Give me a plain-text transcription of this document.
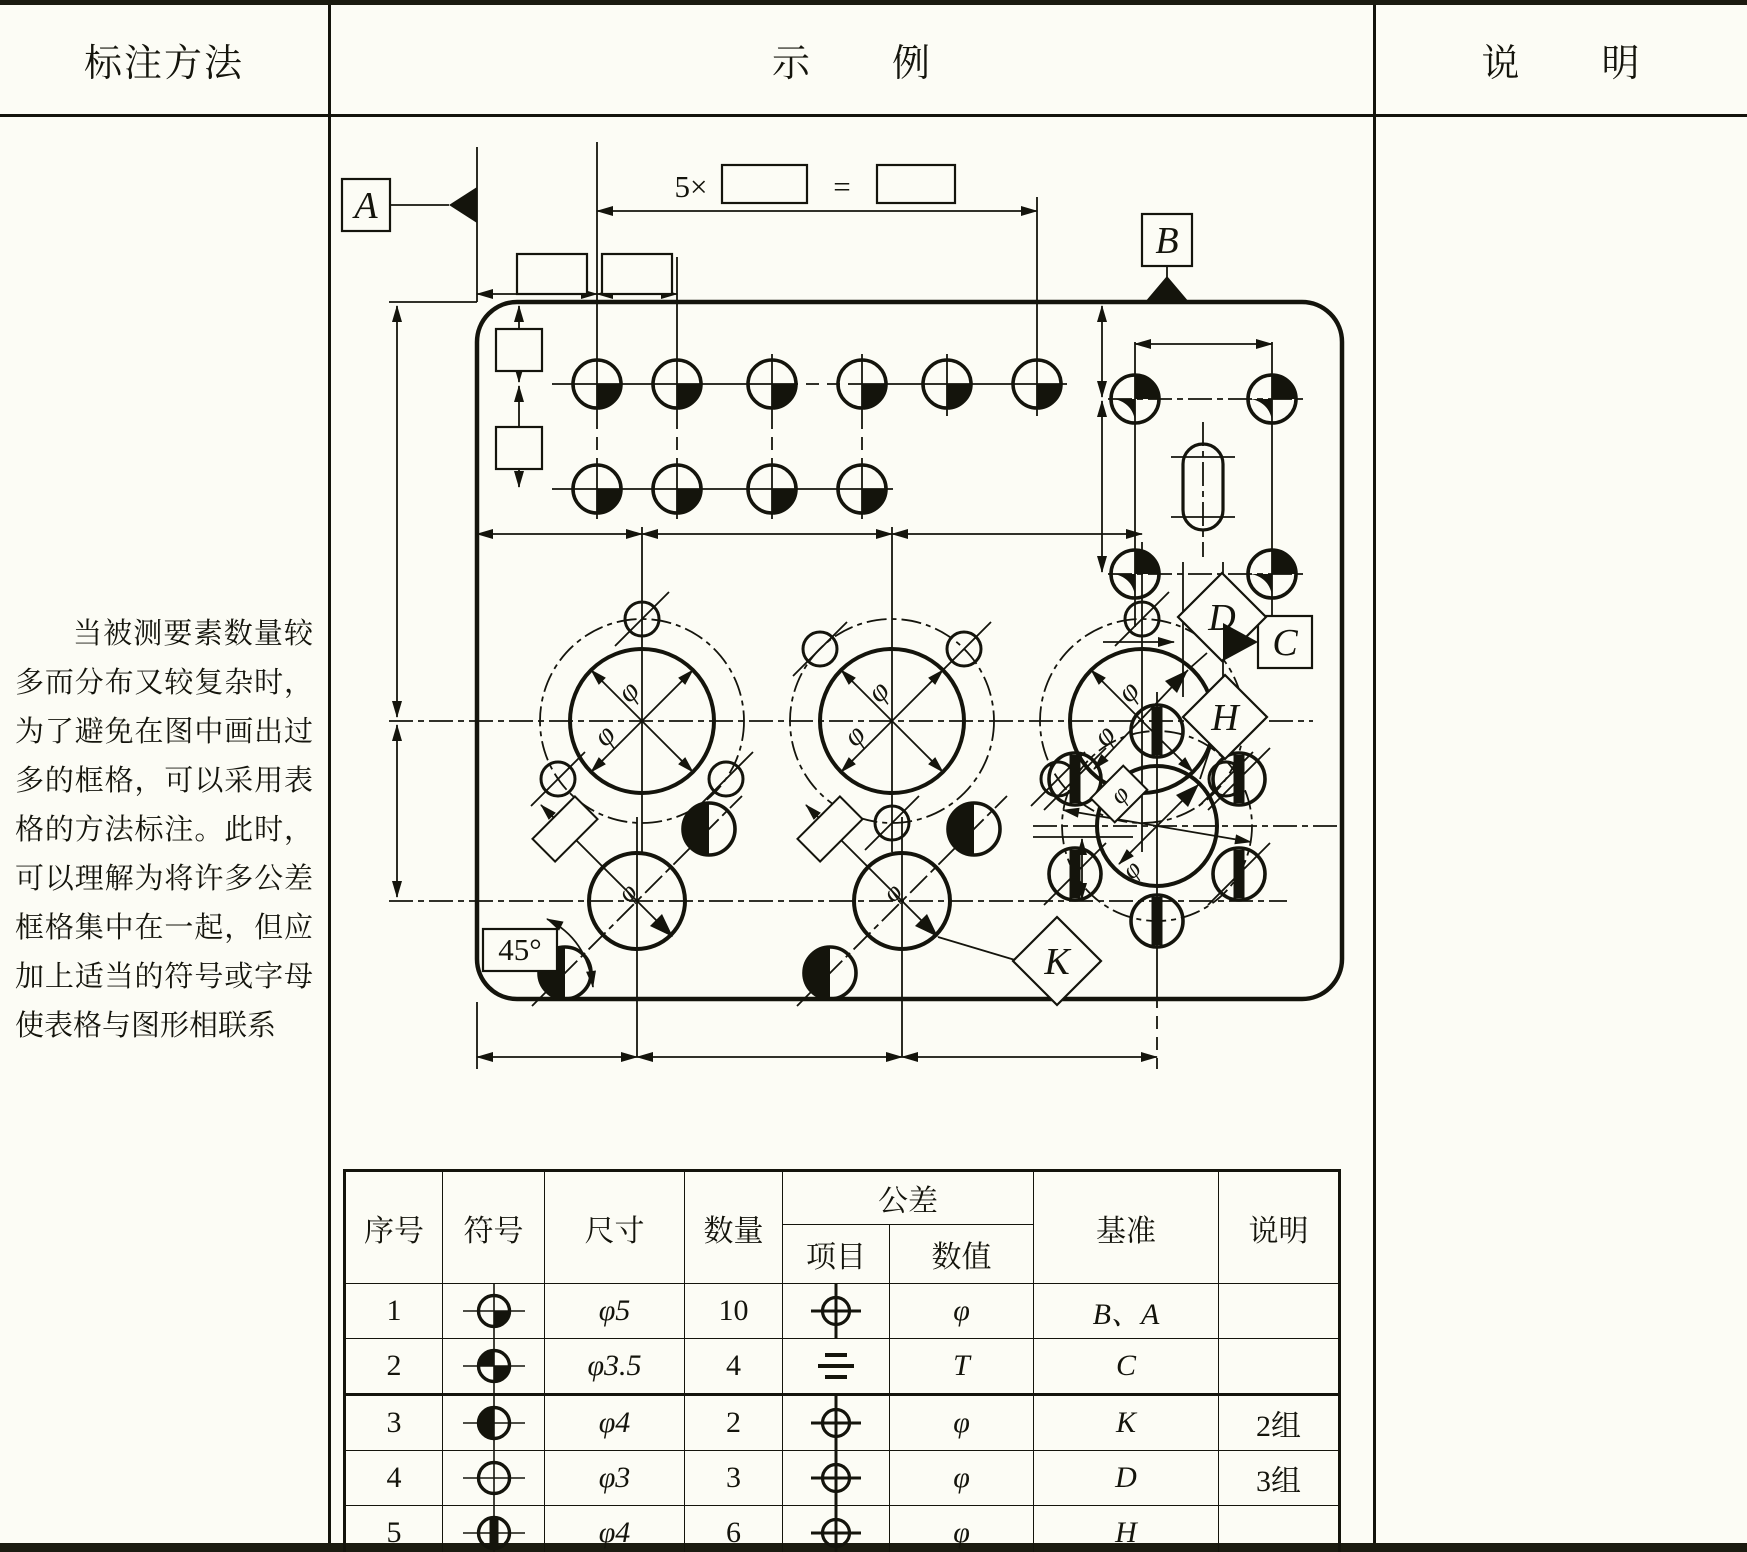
标注方法	示　　例	说　　明

当被测要素数量较多而分布又较复杂时，为了避免在图中画出过多的框格，可以采用表格的方法标注。此时，可以理解为将许多公差框格集中在一起，但应加上适当的符号或字母使表格与图形相联系

A
B
C
D
H
K
45°
5×	=
φ
φ
φ
φ
φ
φ
φ	φ
φ
φ
序号	符号	尺寸	数量	公差		基准	说明
				项目	数值		
1		φ5	10		φ	B、A	
2		φ3.5	4		T	C	
3		φ4	2		φ	K	2组
4		φ3	3		φ	D	3组
5		φ4	6		φ	H	
